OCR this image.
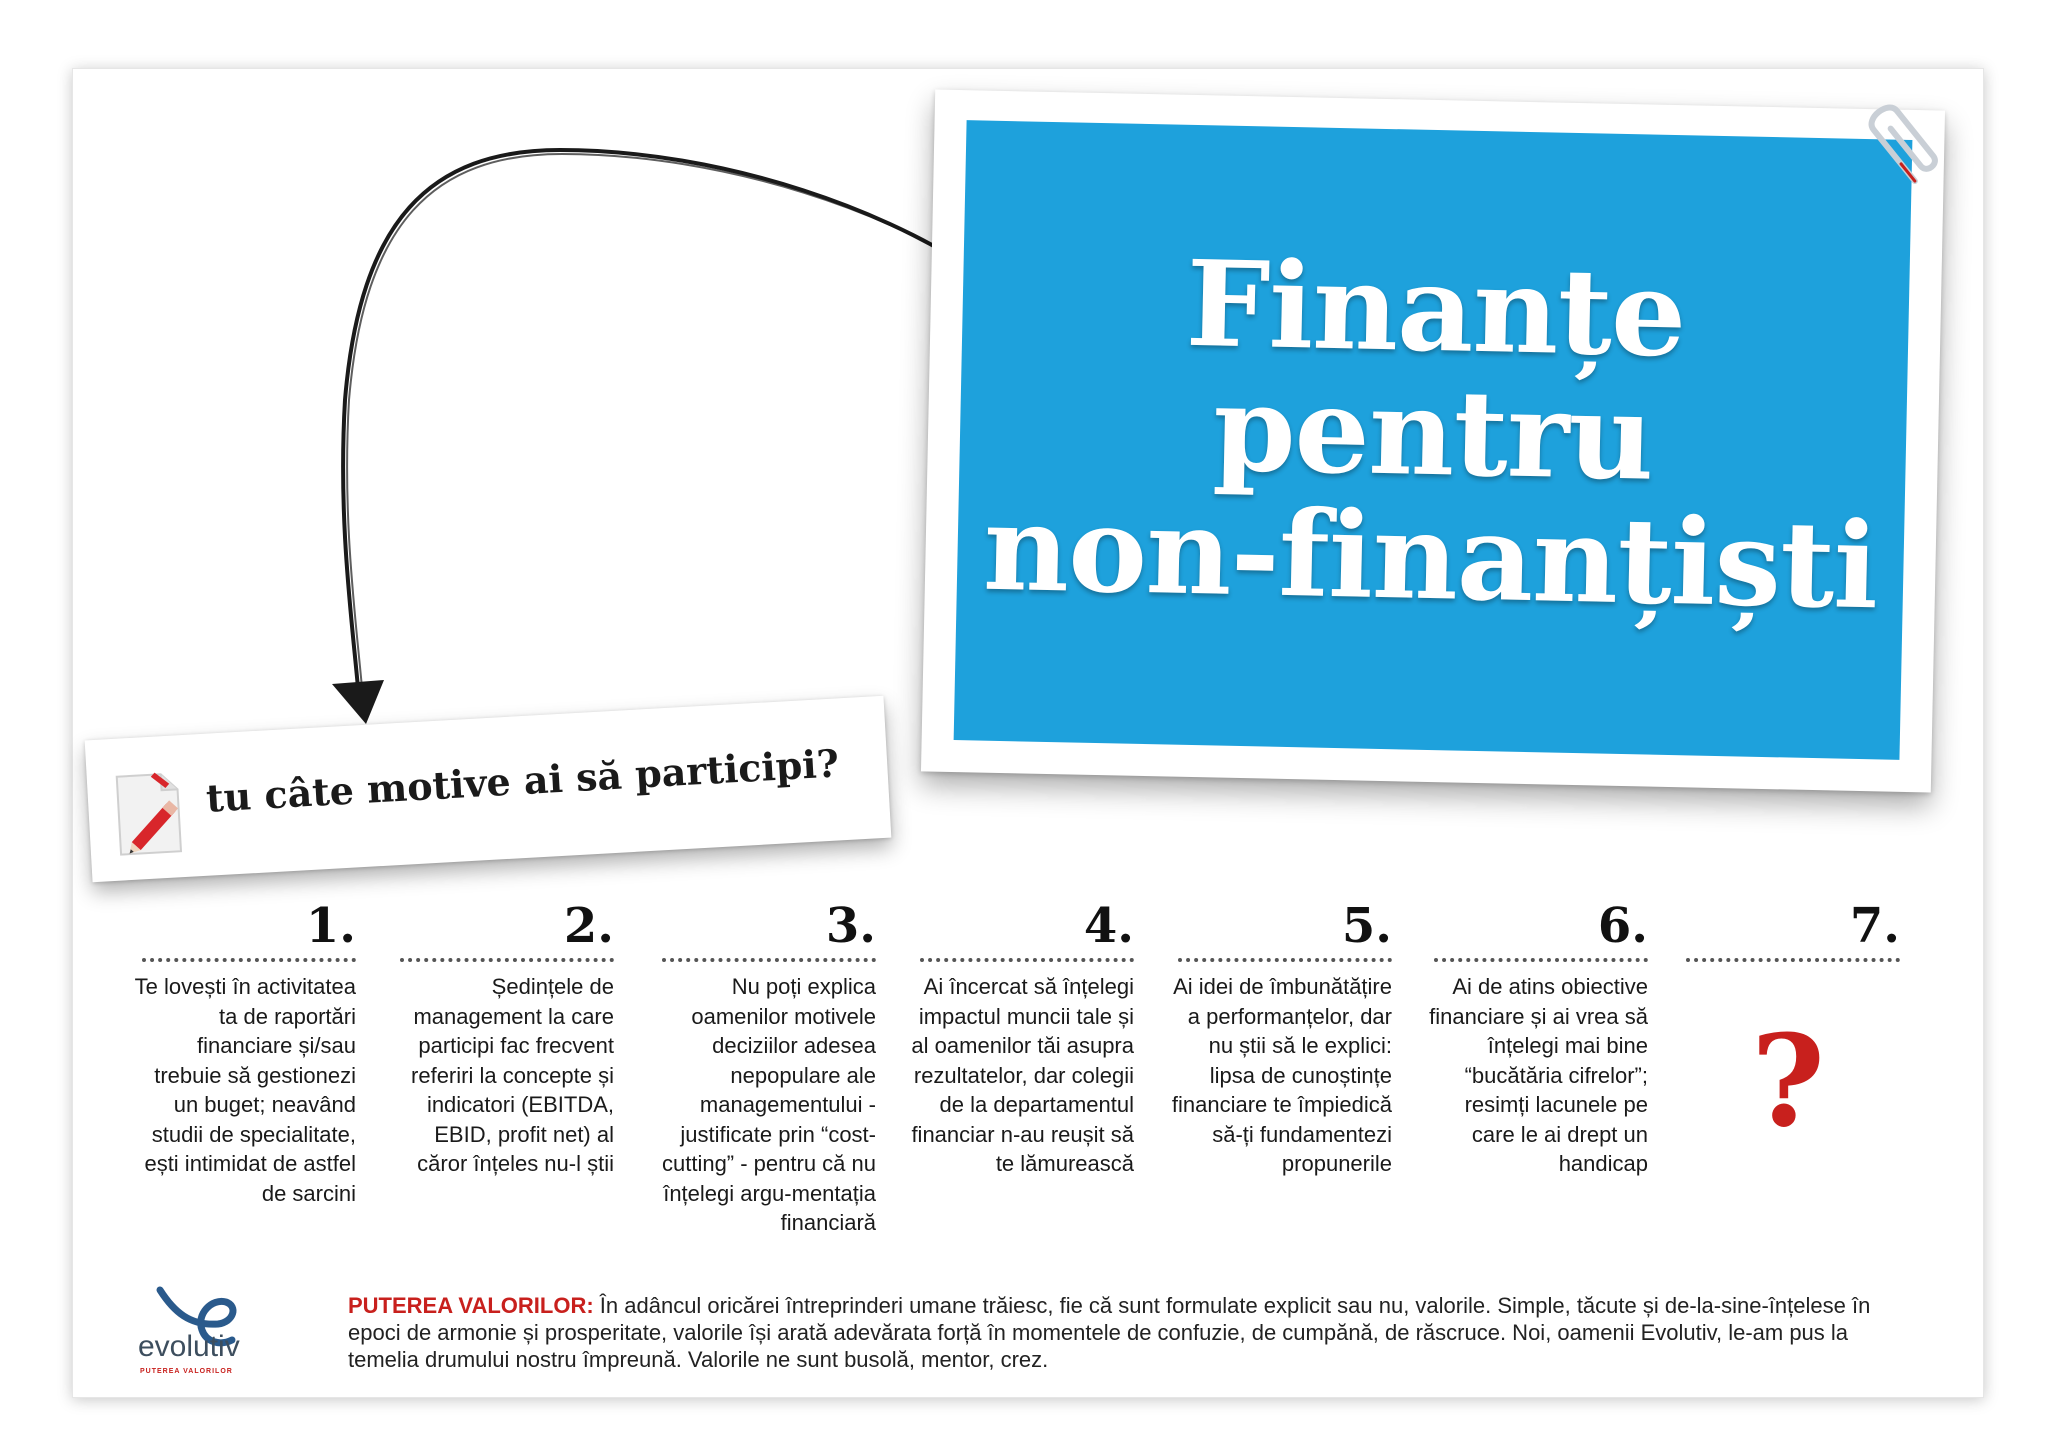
Finanțe
pentru
non-finanțiști
tu câte motive ai să participi?
1.
Te lovești în activitatea ta de raportări financiare și/sau trebuie să gestionezi un buget; neavând studii de specialitate, ești intimidat de astfel de sarcini
2.
Ședințele de management la care participi fac frecvent referiri la concepte și indicatori (EBITDA, EBID, profit net) al căror înțeles nu-l știi
3.
Nu poți explica oamenilor motivele deciziilor adesea nepopulare ale managementului - justificate prin “cost-cutting” - pentru că nu înțelegi argu-mentația financiară
4.
Ai încercat să înțelegi impactul muncii tale și al oamenilor tăi asupra rezultatelor, dar colegii de la departamentul financiar n-au reușit să te lămurească
5.
Ai idei de îmbunătățire a performanțelor, dar nu știi să le explici: lipsa de cunoștințe financiare te împiedică să-ți fundamentezi propunerile
6.
Ai de atins obiective financiare și ai vrea să înțelegi mai bine “bucătăria cifrelor”; resimți lacunele pe care le ai drept un handicap
7.
?
evolutiv
PUTEREA VALORILOR
PUTEREA VALORILOR: În adâncul oricărei întreprinderi umane trăiesc, fie că sunt formulate explicit sau nu, valorile. Simple, tăcute și de-la-sine-înțelese în epoci de armonie și prosperitate, valorile își arată adevărata forță în momentele de confuzie, de cumpănă, de răscruce. Noi, oamenii Evolutiv, le-am pus la temelia drumului nostru împreună. Valorile ne sunt busolă, mentor, crez.
